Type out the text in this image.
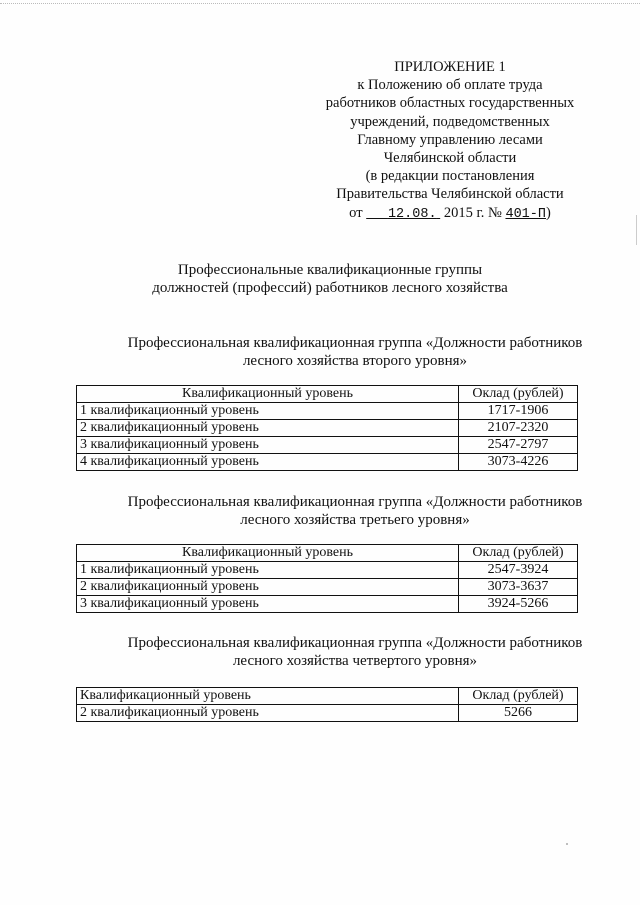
ПРИЛОЖЕНИЕ 1
к Положению об оплате труда
работников областных государственных
учреждений, подведомственных
Главному управлению лесами
Челябинской области
(в редакции постановления
Правительства Челябинской области
от 12.08. 2015 г. № 401-П)
Профессиональные квалификационные группы
должностей (профессий) работников лесного хозяйства
Профессиональная квалификационная группа «Должности работников
лесного хозяйства второго уровня»
Квалификационный уровень	Оклад (рублей)
1 квалификационный уровень	1717-1906
2 квалификационный уровень	2107-2320
3 квалификационный уровень	2547-2797
4 квалификационный уровень	3073-4226
Профессиональная квалификационная группа «Должности работников
лесного хозяйства третьего уровня»
Квалификационный уровень	Оклад (рублей)
1 квалификационный уровень	2547-3924
2 квалификационный уровень	3073-3637
3 квалификационный уровень	3924-5266
Профессиональная квалификационная группа «Должности работников
лесного хозяйства четвертого уровня»
Квалификационный уровень	Оклад (рублей)
2 квалификационный уровень	5266
